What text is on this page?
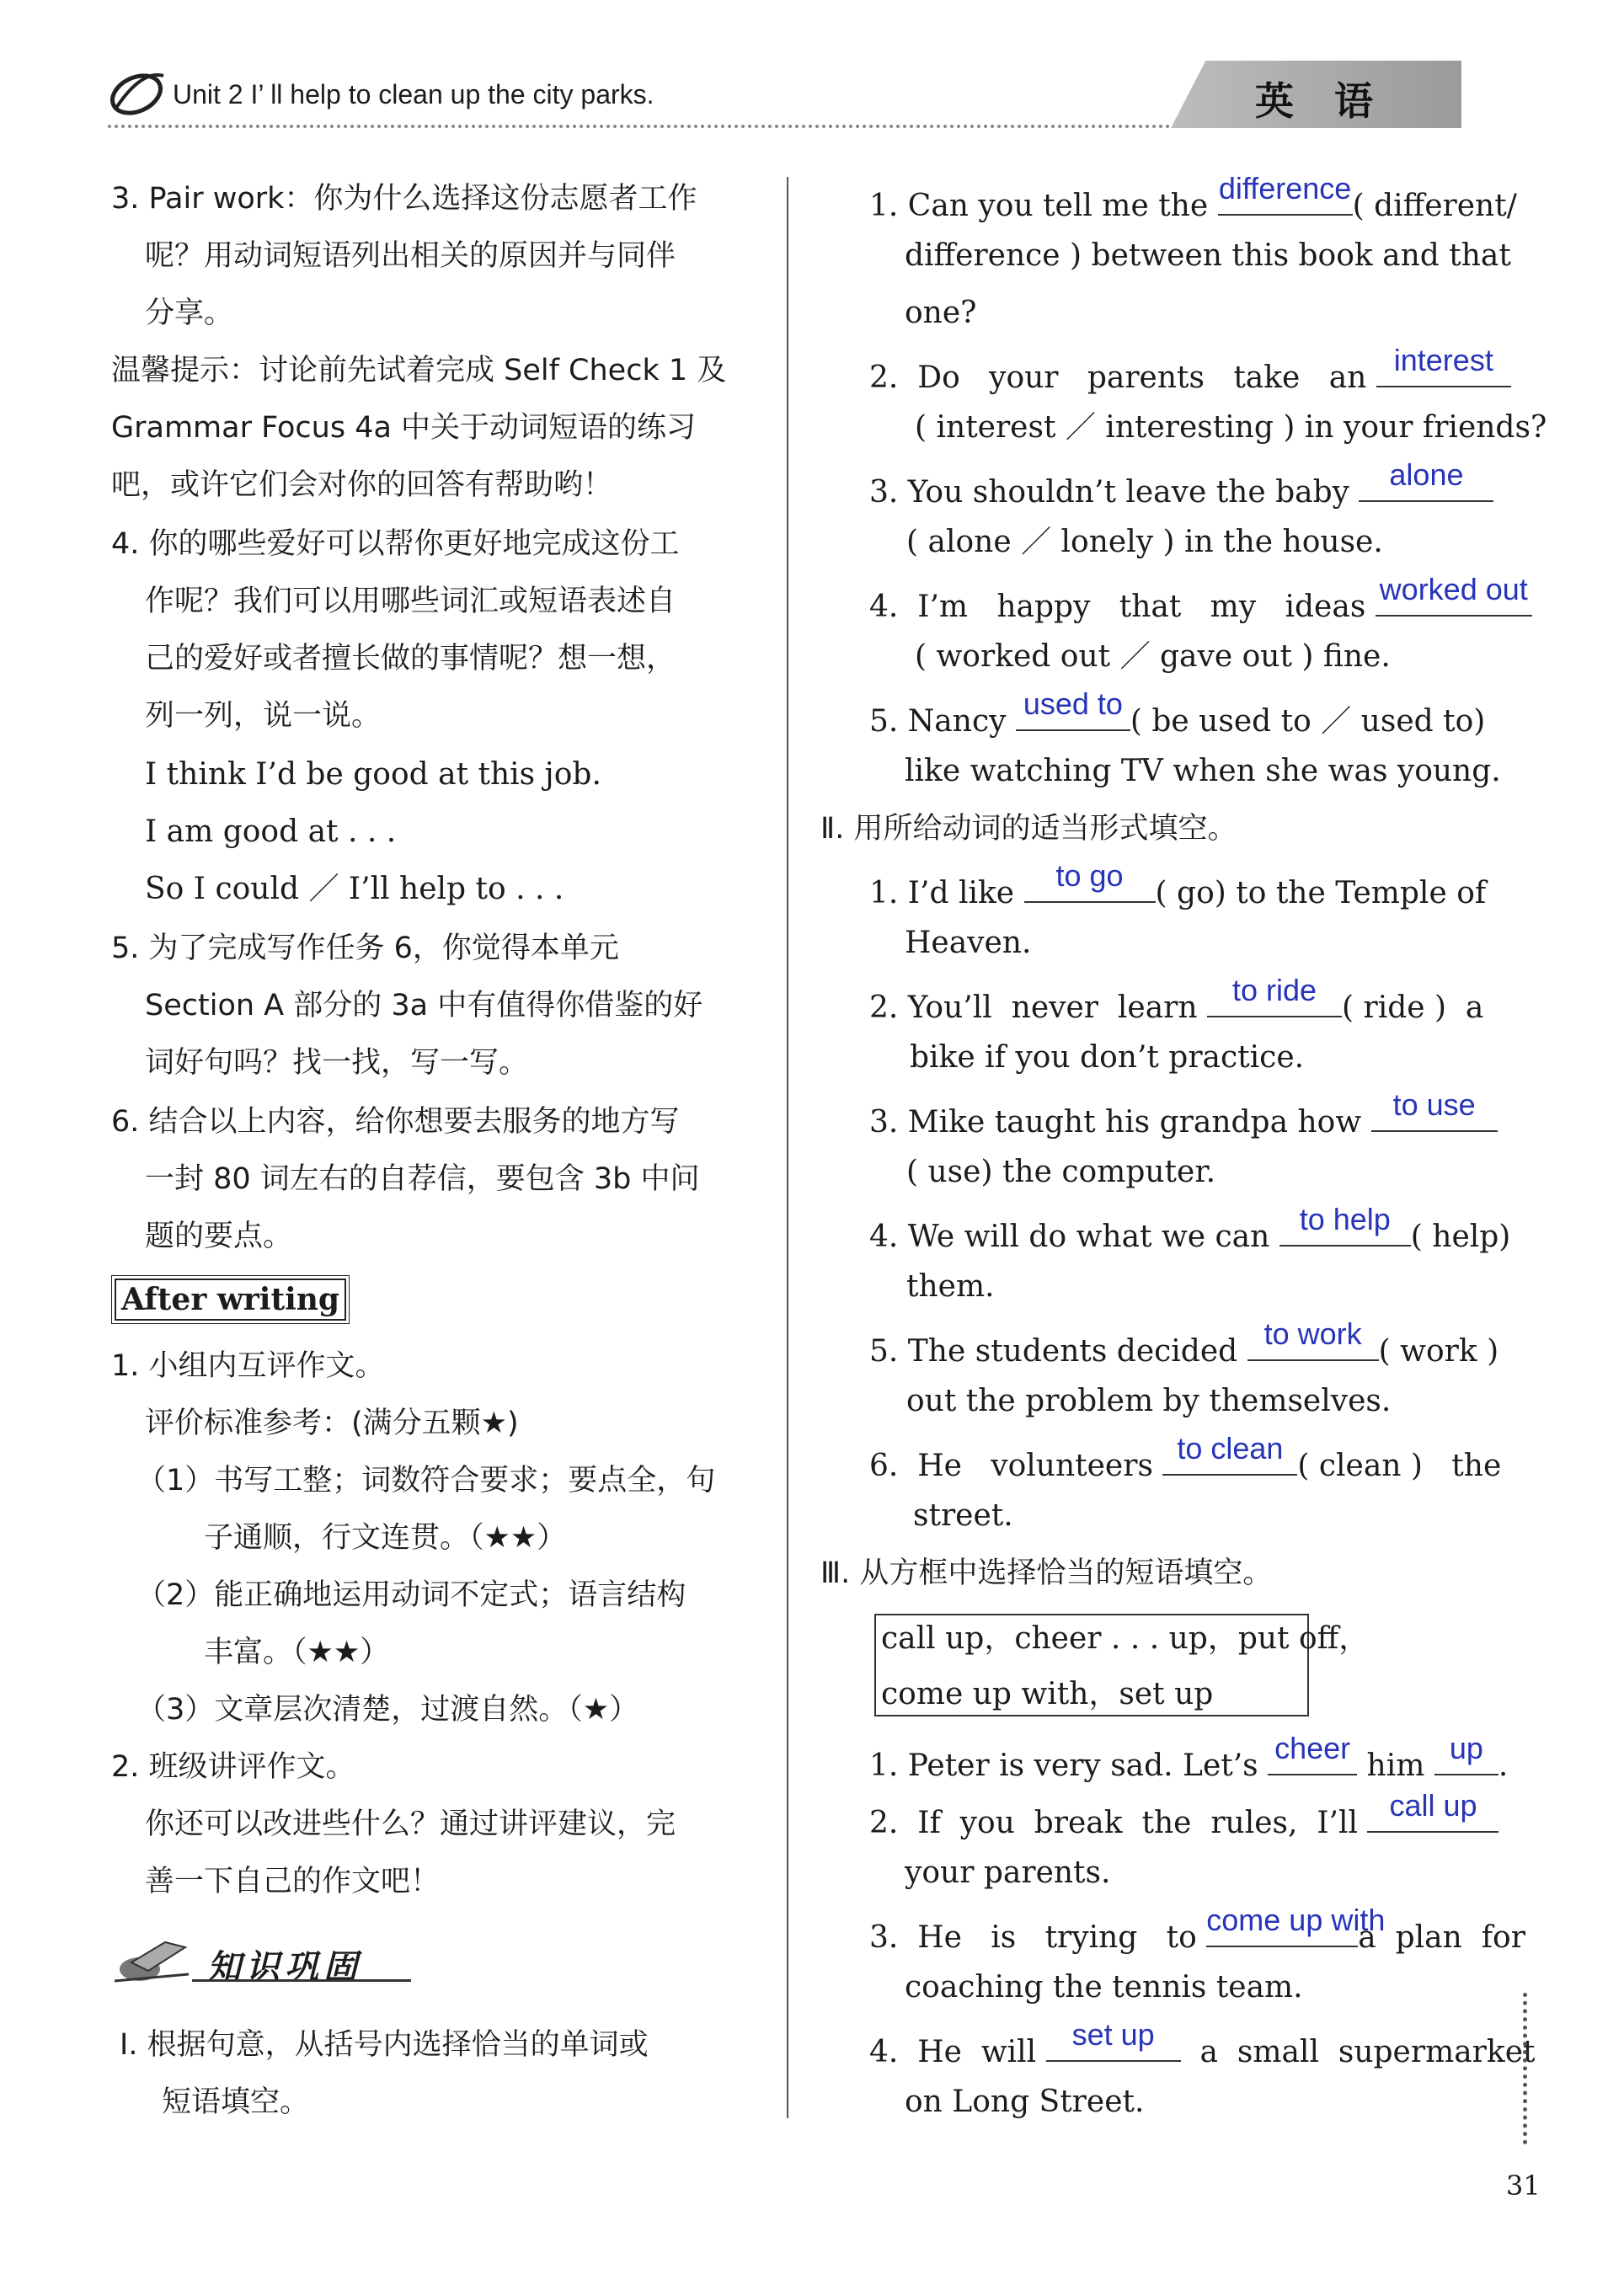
Unit 2 I’ ll help to clean up the city parks.	英   语
3. Pair work：你为什么选择这份志愿者工作
呢？用动词短语列出相关的原因并与同伴
分享。
温馨提示：讨论前先试着完成 Self Check 1 及
Grammar Focus 4a 中关于动词短语的练习
吧，或许它们会对你的回答有帮助哟！
4. 你的哪些爱好可以帮你更好地完成这份工
作呢？我们可以用哪些词汇或短语表述自
己的爱好或者擅长做的事情呢？想一想，
列一列，说一说。
I think I’d be good at this job.
I am good at . . .
So I could ／ I’ll help to . . .
5. 为了完成写作任务 6，你觉得本单元
Section A 部分的 3a 中有值得你借鉴的好
词好句吗？找一找，写一写。
6. 结合以上内容，给你想要去服务的地方写
一封 80 词左右的自荐信，要包含 3b 中问
题的要点。
After writing
1. 小组内互评作文。
评价标准参考：(满分五颗★)
（1）书写工整；词数符合要求；要点全，句
子通顺，行文连贯。（★★）
（2）能正确地运用动词不定式；语言结构
丰富。（★★）
（3）文章层次清楚，过渡自然。（★）
2. 班级讲评作文。
你还可以改进些什么？通过讲评建议，完
善一下自己的作文吧！
知识巩固
Ⅰ. 根据句意，从括号内选择恰当的单词或
短语填空。
1. Can you tell me the
difference
( different/
difference ) between this book and that
one?
2.  Do   your   parents   take   an
interest
( interest ／ interesting ) in your friends?
3. You shouldn’t leave the baby
alone
( alone ／ lonely ) in the house.
4.  I’m   happy   that   my   ideas
worked out
( worked out ／ gave out ) fine.
5. Nancy
used to
( be used to ／ used to)
like watching TV when she was young.
Ⅱ. 用所给动词的适当形式填空。
1. I’d like
to go
( go) to the Temple of
Heaven.
2. You’ll  never  learn
to ride
( ride )  a
bike if you don’t practice.
3. Mike taught his grandpa how
to use
( use) the computer.
4. We will do what we can
to help
( help)
them.
5. The students decided
to work
( work )
out the problem by themselves.
6.  He   volunteers
to clean
( clean )   the
street.
Ⅲ. 从方框中选择恰当的短语填空。
call up，cheer . . . up，put off，
come up with，set up
1. Peter is very sad. Let’s
cheer
him
up
.
2.  If  you  break  the  rules,  I’ll
call up
your parents.
3.  He   is   trying   to
come up with
a  plan  for
coaching the tennis team.
4.  He  will
set up
a  small  supermarket
on Long Street.
31
